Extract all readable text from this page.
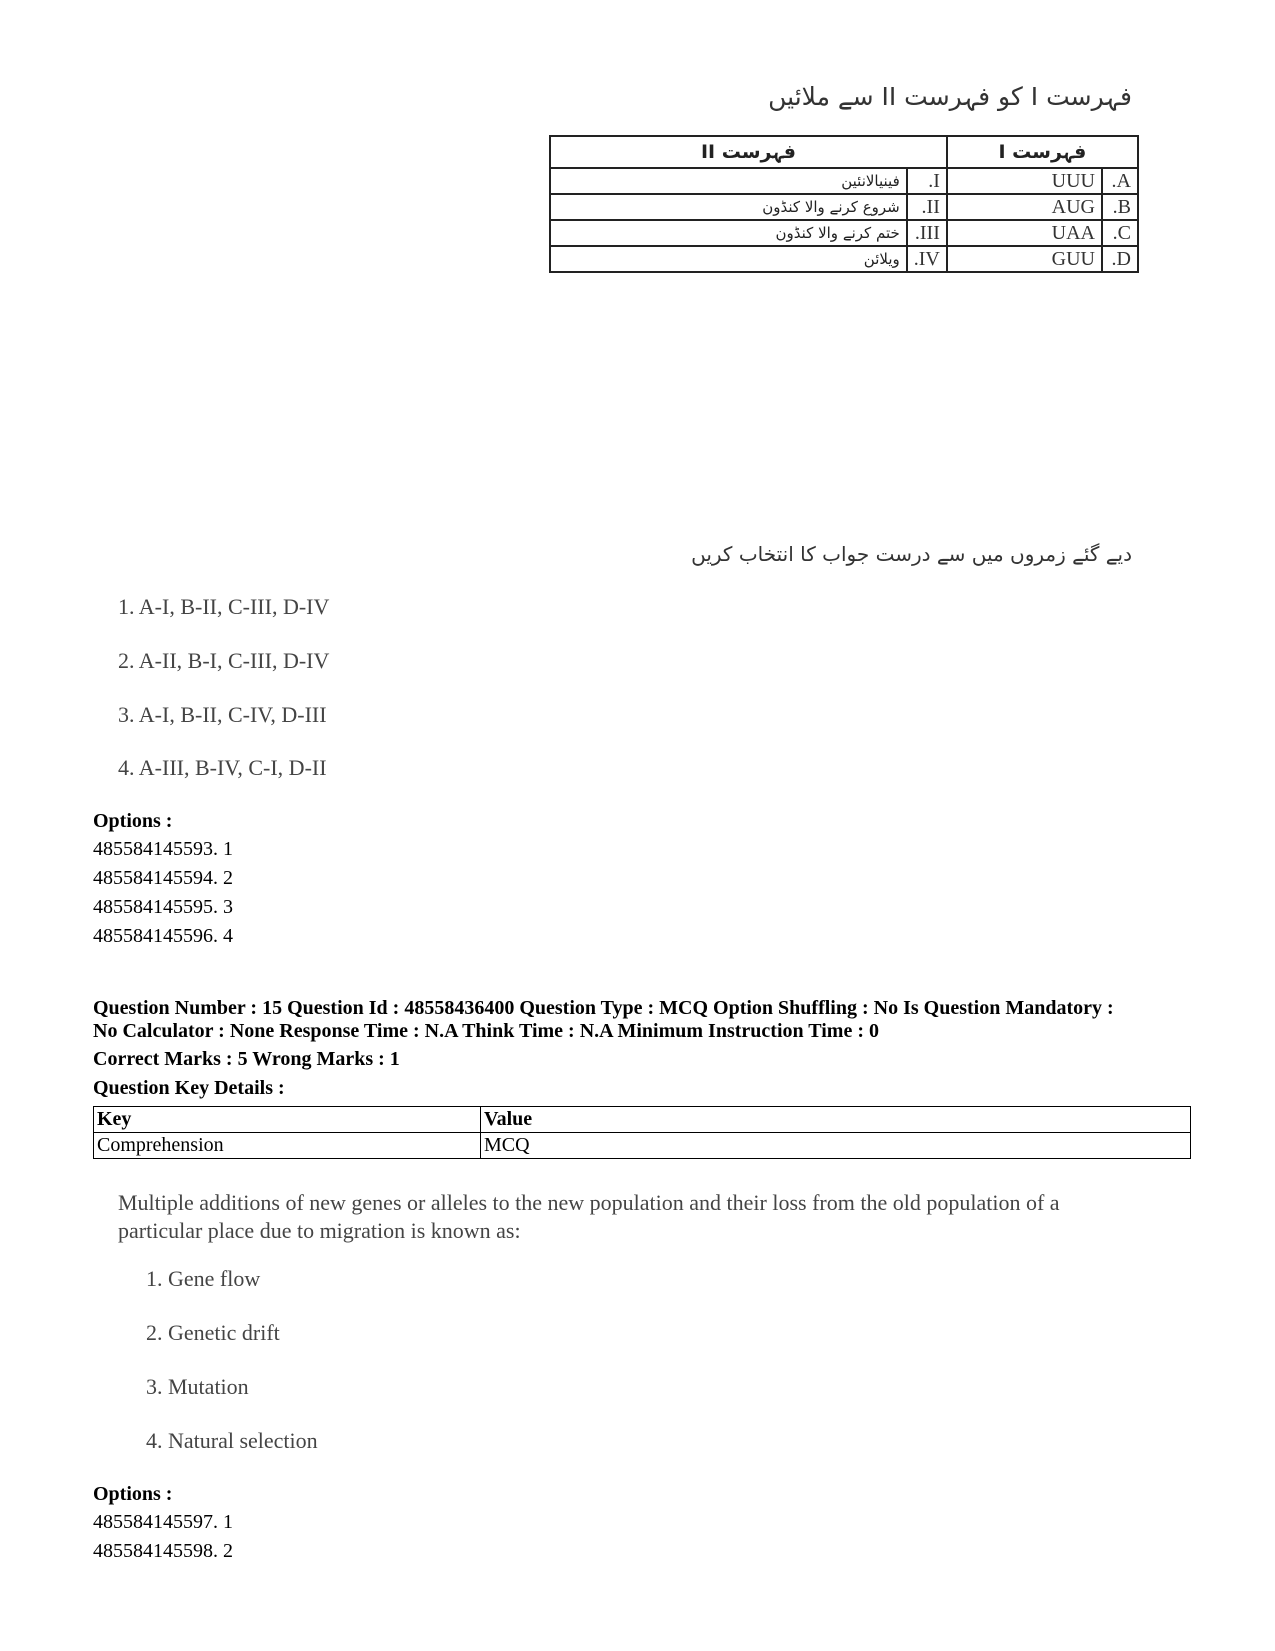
فہرست I کو فہرست II سے ملائیں
فہرست I		فہرست II	
A.	UUU	I.	فینیالانئین
B.	AUG	II.	شروع کرنے والا کنڈون
C.	UAA	III.	ختم کرنے والا کنڈون
D.	GUU	IV.	ویلائن
دیے گئے زمروں میں سے درست جواب کا انتخاب کریں
1. A-I, B-II, C-III, D-IV
2. A-II, B-I, C-III, D-IV
3. A-I, B-II, C-IV, D-III
4. A-III, B-IV, C-I, D-II
Options :
485584145593. 1
485584145594. 2
485584145595. 3
485584145596. 4
Question Number : 15 Question Id : 48558436400 Question Type : MCQ Option Shuffling : No Is Question Mandatory :
No Calculator : None Response Time : N.A Think Time : N.A Minimum Instruction Time : 0
Correct Marks : 5 Wrong Marks : 1
Question Key Details :
Key	Value
Comprehension	MCQ
Multiple additions of new genes or alleles to the new population and their loss from the old population of a
particular place due to migration is known as:
1. Gene flow
2. Genetic drift
3. Mutation
4. Natural selection
Options :
485584145597. 1
485584145598. 2
